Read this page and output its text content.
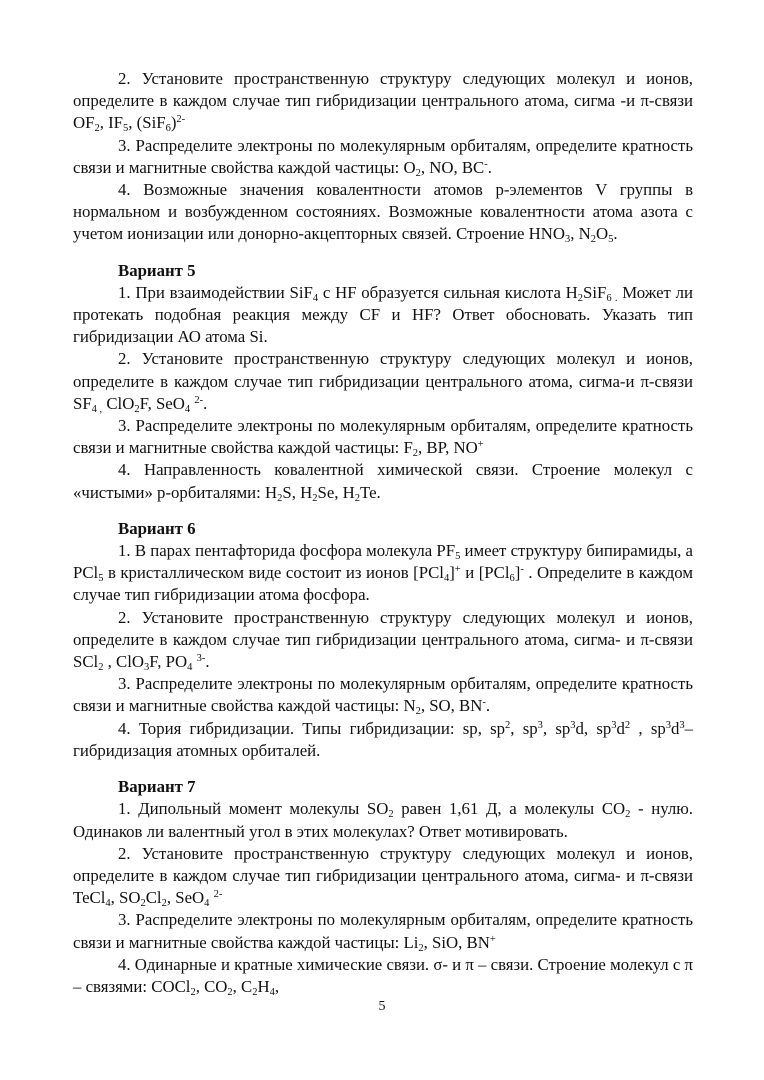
2. Установите пространственную структуру следующих молекул и ионов, определите в каждом случае тип гибридизации центрального атома, сигма -и π-связи $OF_2$, $IF_5$, $(SiF_6)^{2-}$

3. Распределите электроны по молекулярным орбиталям, определите кратность связи и магнитные свойства каждой частицы: $O_2$, NO, BC-.

4. Возможные значения ковалентности атомов р-элементов V группы в нормальном и возбужденном состояниях. Возможные ковалентности атома азота с учетом ионизации или донорно-акцепторных связей. Строение $HNO_3$, $N_2O_5$.

Вариант 5

1. При взаимодействии SiF$_4$ с HF образуется сильная кислота $H_2SiF_{6 .}$ Может ли протекать подобная реакция между CF и HF? Ответ обосновать. Указать тип гибридизации АО атома Si.

2. Установите пространственную структуру следующих молекул и ионов, определите в каждом случае тип гибридизации центрального атома, сигма-и π-связи $SF_{4 ,}$ ClO$_2$F, SeO$_4$ $^{2-}$.

3. Распределите электроны по молекулярным орбиталям, определите кратность связи и магнитные свойства каждой частицы: $F_2$, BP, NO+

4. Направленность ковалентной химической связи. Строение молекул с «чистыми» р-орбиталями: $H_2S$, $H_2Se$, $H_2Te$.

Вариант 6

1. В парах пентафторида фосфора молекула $PF_5$ имеет структуру бипирамиды, а PCl$_5$ в кристаллическом виде состоит из ионов [PCl$_4$]+ и [PCl$_6$]- . Определите в каждом случае тип гибридизации атома фосфора.

2. Установите пространственную структуру следующих молекул и ионов, определите в каждом случае тип гибридизации центрального атома, сигма- и π-связи SCl$_2$ , ClO$_3$F, $PO_4$ $^{3-}$.

3. Распределите электроны по молекулярным орбиталям, определите кратность связи и магнитные свойства каждой частицы: $N_2$, SO, BN-.

4. Тория гибридизации. Типы гибридизации: sp, $sp^2$, $sp^3$, $sp^3d$, $sp^3d^2$ , $sp^3d^3-$ гибридизация атомных орбиталей.

Вариант 7

1. Дипольный момент молекулы $SO_2$ равен 1,61 Д, а молекулы $CO_2$ - нулю. Одинаков ли валентный угол в этих молекулах? Ответ мотивировать.

2. Установите пространственную структуру следующих молекул и ионов, определите в каждом случае тип гибридизации центрального атома, сигма- и π-связи TeCl$_4$, $SO_2Cl_2$, SeO$_4$ $^{2-}$

3. Распределите электроны по молекулярным орбиталям, определите кратность связи и магнитные свойства каждой частицы: $Li_2$, SiO, BN+

4. Одинарные и кратные химические связи. σ- и π – связи. Строение молекул с π – связями: COCl$_2$, $CO_2$, $C_2H_4$,

5
